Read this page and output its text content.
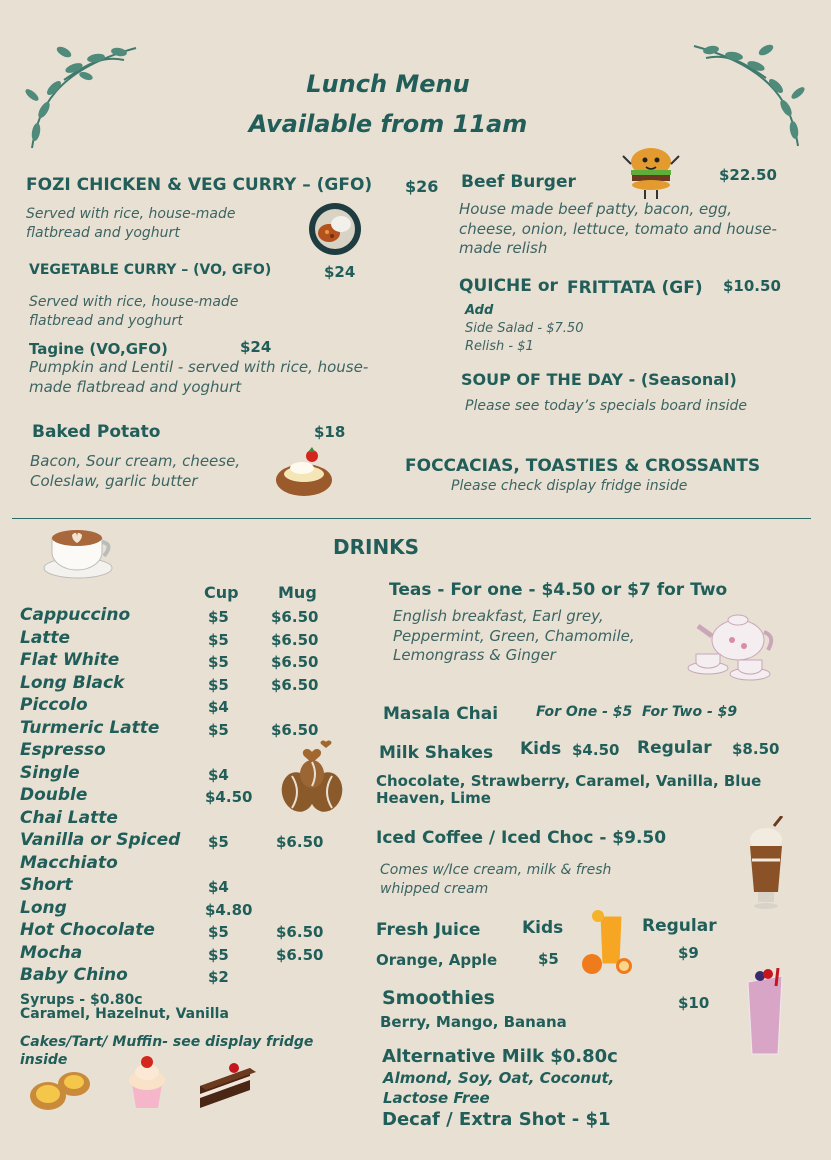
Lunch Menu
Available from 11am
FOZI CHICKEN & VEG CURRY – (GFO) $26
Served with rice, house-made flatbread and yoghurt
VEGETABLE CURRY – (VO, GFO)	$24
Served with rice, house-made flatbread and yoghurt
Tagine (VO,GFO)	$24
Pumpkin and Lentil - served with rice, house-made flatbread and yoghurt
Baked Potato	$18
Bacon, Sour cream, cheese, Coleslaw, garlic butter
Beef Burger	$22.50
House made beef patty, bacon, egg, cheese, onion, lettuce, tomato and house-made relish
QUICHE or FRITTATA (GF) $10.50
Add
Side Salad - $7.50
Relish - $1
SOUP OF THE DAY - (Seasonal)
Please see today’s specials board inside
FOCCACIAS, TOASTIES & CROSSANTS
Please check display fridge inside
DRINKS
Cup Mug
Cappuccino	$5	$6.50
Latte	$5	$6.50
Flat White	$5	$6.50
Long Black	$5	$6.50
Piccolo	$4
Turmeric Latte	$5	$6.50
Espresso
Single	$4
Double	$4.50
Chai Latte
Vanilla or Spiced $5	$6.50
Macchiato
Short	$4
Long	$4.80
Hot Chocolate	$5	$6.50
Mocha	$5	$6.50
Baby Chino	$2
Syrups - $0.80c
Caramel, Hazelnut, Vanilla
Cakes/Tart/ Muffin- see display fridge inside
Teas - For one - $4.50 or $7 for Two
English breakfast, Earl grey, Peppermint, Green, Chamomile, Lemongrass & Ginger
Masala Chai	For One - $5  For Two - $9
Milk Shakes Kids $4.50 Regular $8.50
Chocolate, Strawberry, Caramel, Vanilla, Blue Heaven, Lime
Iced Coffee / Iced Choc - $9.50
Comes w/Ice cream, milk & fresh whipped cream
Fresh Juice Kids	Regular
Orange, Apple	$5	$9
Smoothies	$10
Berry, Mango, Banana
Alternative Milk $0.80c
Almond, Soy, Oat, Coconut, Lactose Free
Decaf / Extra Shot - $1
